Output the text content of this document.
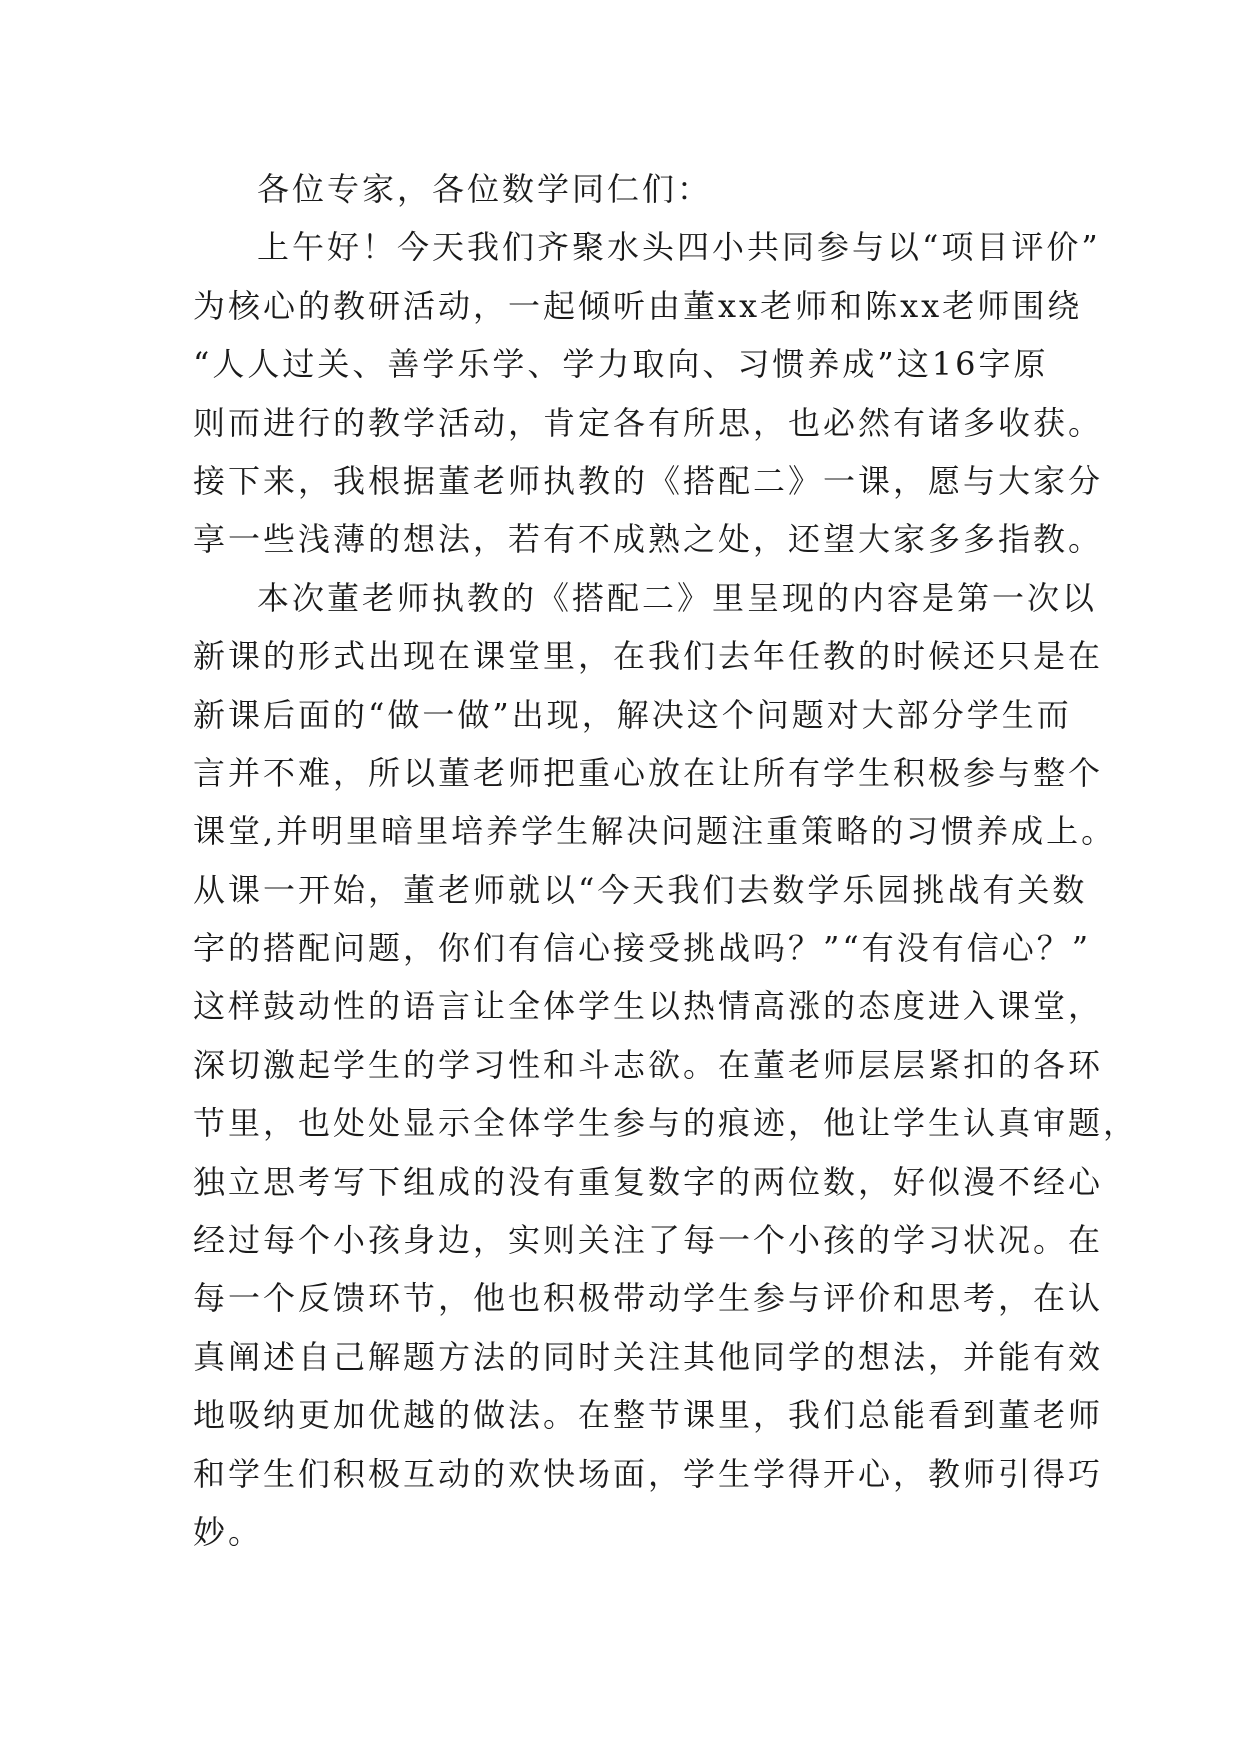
各位专家，各位数学同仁们：
上午好！今天我们齐聚水头四小共同参与以“项目评价”
为核心的教研活动，一起倾听由董xx老师和陈xx老师围绕
“人人过关、善学乐学、学力取向、习惯养成”这16字原
则而进行的教学活动，肯定各有所思，也必然有诸多收获。
接下来，我根据董老师执教的《搭配二》一课，愿与大家分
享一些浅薄的想法，若有不成熟之处，还望大家多多指教。
本次董老师执教的《搭配二》里呈现的内容是第一次以
新课的形式出现在课堂里，在我们去年任教的时候还只是在
新课后面的“做一做”出现，解决这个问题对大部分学生而
言并不难，所以董老师把重心放在让所有学生积极参与整个
课堂,并明里暗里培养学生解决问题注重策略的习惯养成上。
从课一开始，董老师就以“今天我们去数学乐园挑战有关数
字的搭配问题，你们有信心接受挑战吗？”“有没有信心？”
这样鼓动性的语言让全体学生以热情高涨的态度进入课堂，
深切激起学生的学习性和斗志欲。在董老师层层紧扣的各环
节里，也处处显示全体学生参与的痕迹，他让学生认真审题，
独立思考写下组成的没有重复数字的两位数，好似漫不经心
经过每个小孩身边，实则关注了每一个小孩的学习状况。在
每一个反馈环节，他也积极带动学生参与评价和思考，在认
真阐述自己解题方法的同时关注其他同学的想法，并能有效
地吸纳更加优越的做法。在整节课里，我们总能看到董老师
和学生们积极互动的欢快场面，学生学得开心，教师引得巧
妙。
